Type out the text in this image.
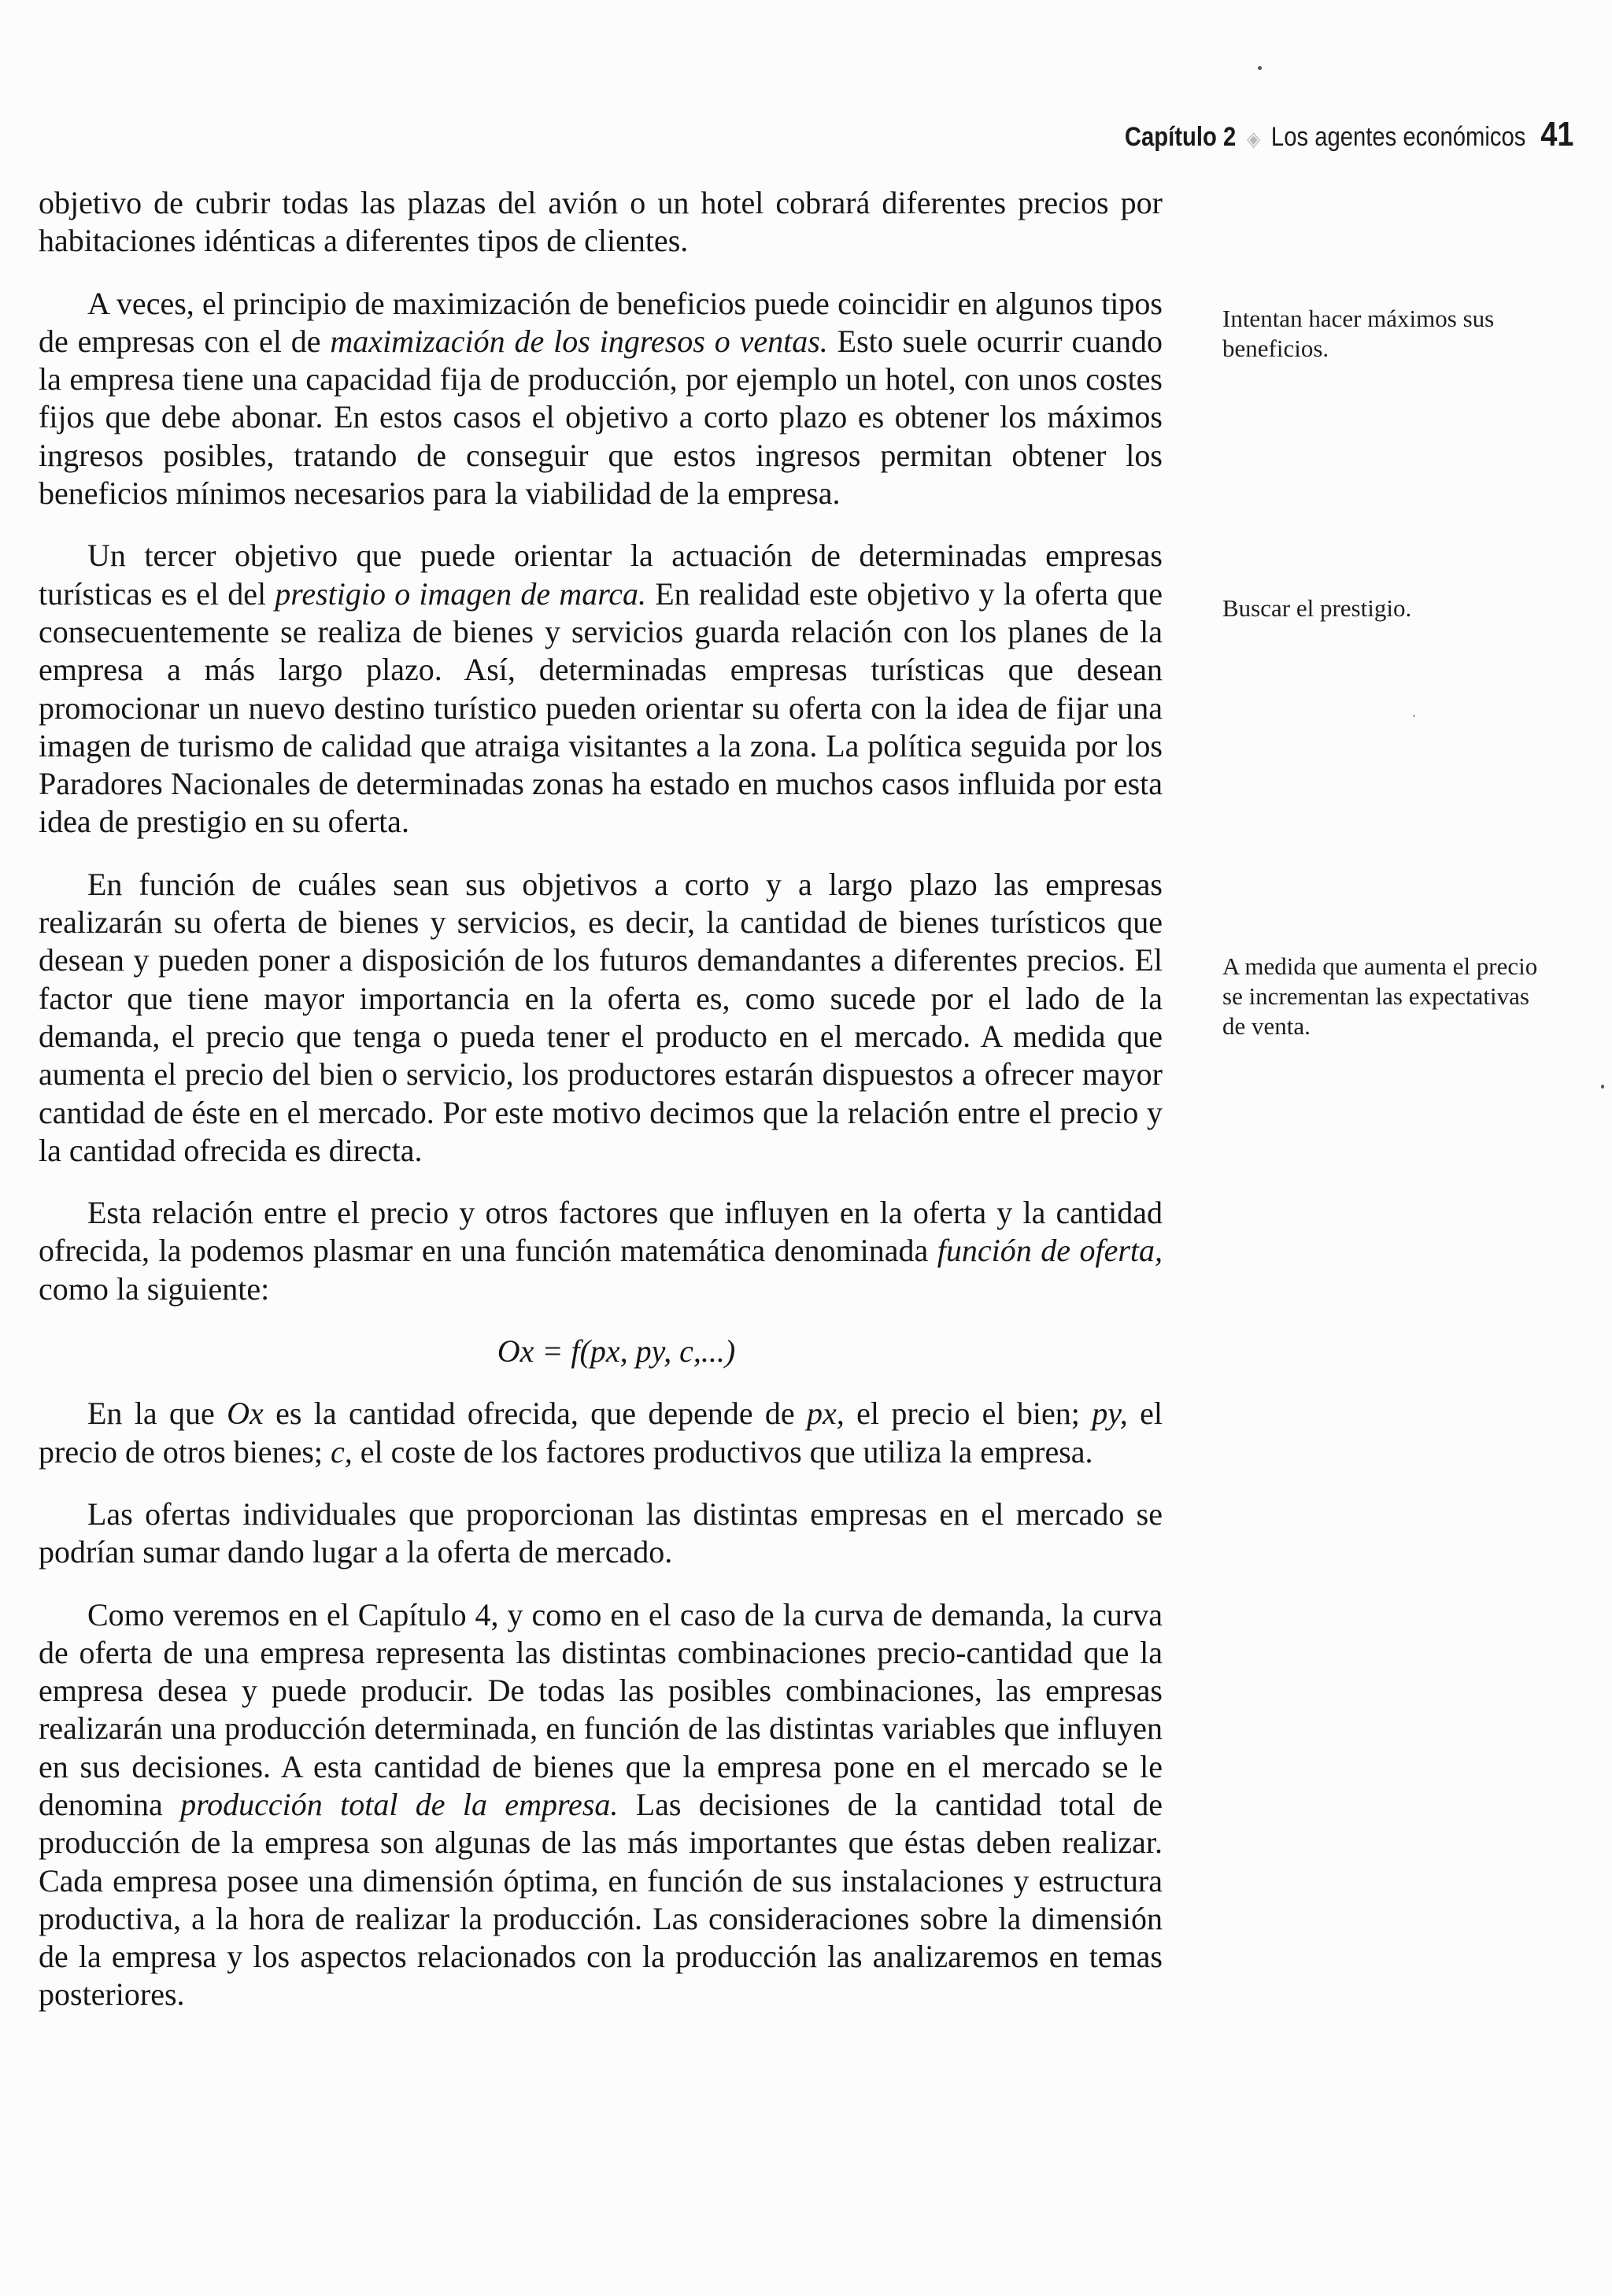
Capítulo 2 ◈ Los agentes económicos 41

objetivo de cubrir todas las plazas del avión o un hotel cobrará diferentes precios por habitaciones idénticas a diferentes tipos de clientes.

A veces, el principio de maximización de beneficios puede coincidir en algunos tipos de empresas con el de maximización de los ingresos o ventas. Esto suele ocurrir cuando la empresa tiene una capacidad fija de producción, por ejemplo un hotel, con unos costes fijos que debe abonar. En estos casos el objetivo a corto plazo es obtener los máximos ingresos posibles, tratando de conseguir que estos ingresos permitan obtener los beneficios mínimos necesarios para la viabilidad de la empresa.

Un tercer objetivo que puede orientar la actuación de determinadas empresas turísticas es el del prestigio o imagen de marca. En realidad este objetivo y la oferta que consecuentemente se realiza de bienes y servicios guarda relación con los planes de la empresa a más largo plazo. Así, determinadas empresas turísticas que desean promocionar un nuevo destino turístico pueden orientar su oferta con la idea de fijar una imagen de turismo de calidad que atraiga visitantes a la zona. La política seguida por los Paradores Nacionales de determinadas zonas ha estado en muchos casos influida por esta idea de prestigio en su oferta.

En función de cuáles sean sus objetivos a corto y a largo plazo las empresas realizarán su oferta de bienes y servicios, es decir, la cantidad de bienes turísticos que desean y pueden poner a disposición de los futuros demandantes a diferentes precios. El factor que tiene mayor importancia en la oferta es, como sucede por el lado de la demanda, el precio que tenga o pueda tener el producto en el mercado. A medida que aumenta el precio del bien o servicio, los productores estarán dispuestos a ofrecer mayor cantidad de éste en el mercado. Por este motivo decimos que la relación entre el precio y la cantidad ofrecida es directa.

Esta relación entre el precio y otros factores que influyen en la oferta y la cantidad ofrecida, la podemos plasmar en una función matemática denominada función de oferta, como la siguiente:

Ox = f(px, py, c,...)

En la que Ox es la cantidad ofrecida, que depende de px, el precio el bien; py, el precio de otros bienes; c, el coste de los factores productivos que utiliza la empresa.

Las ofertas individuales que proporcionan las distintas empresas en el mercado se podrían sumar dando lugar a la oferta de mercado.

Como veremos en el Capítulo 4, y como en el caso de la curva de demanda, la curva de oferta de una empresa representa las distintas combinaciones precio-cantidad que la empresa desea y puede producir. De todas las posibles combinaciones, las empresas realizarán una producción determinada, en función de las distintas variables que influyen en sus decisiones. A esta cantidad de bienes que la empresa pone en el mercado se le denomina producción total de la empresa. Las decisiones de la cantidad total de producción de la empresa son algunas de las más importantes que éstas deben realizar. Cada empresa posee una dimensión óptima, en función de sus instalaciones y estructura productiva, a la hora de realizar la producción. Las consideraciones sobre la dimensión de la empresa y los aspectos relacionados con la producción las analizaremos en temas posteriores.

Intentan hacer máximos sus beneficios.
Buscar el prestigio.
A medida que aumenta el precio se incrementan las expectativas de venta.
